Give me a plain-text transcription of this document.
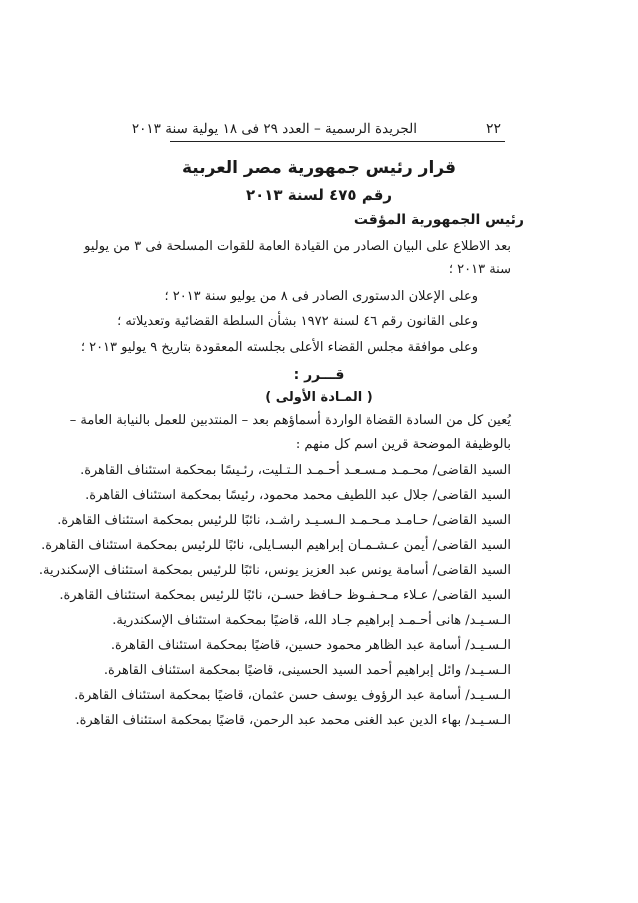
٢٢
الجريدة الرسمية – العدد ٢٩ فى ١٨ يولية سنة ٢٠١٣
قرار رئيس جمهورية مصر العربية
رقم ٤٧٥ لسنة ٢٠١٣
رئيس الجمهورية المؤقت
بعد الاطلاع على البيان الصادر من القيادة العامة للقوات المسلحة فى ٣ من يوليو
سنة ٢٠١٣ ؛
وعلى الإعلان الدستورى الصادر فى ٨ من يوليو سنة ٢٠١٣ ؛
وعلى القانون رقم ٤٦ لسنة ١٩٧٢ بشأن السلطة القضائية وتعديلاته ؛
وعلى موافقة مجلس القضاء الأعلى بجلسته المعقودة بتاريخ ٩ يوليو ٢٠١٣ ؛
قـــرر :
( المـادة الأولى )
يُعين كل من السادة القضاة الواردة أسماؤهم بعد – المنتدبين للعمل بالنيابة العامة –
بالوظيفة الموضحة قرين اسم كل منهم :
السيد القاضى/ محـمـد مـسـعـد أحـمـد الـتـليت، رئـيسًا بمحكمة استئناف القاهرة.
السيد القاضى/ جلال عبد اللطيف محمد محمود، رئيسًا بمحكمة استئناف القاهرة.
السيد القاضى/ حـامـد مـحـمـد الـسـيـد راشـد، نائبًا للرئيس بمحكمة استئناف القاهرة.
السيد القاضى/ أيمن عـشـمـان إبراهيم البسـايلى، نائبًا للرئيس بمحكمة استئناف القاهرة.
السيد القاضى/ أسامة يونس عبد العزيز يونس، نائبًا للرئيس بمحكمة استئناف الإسكندرية.
السيد القاضى/ عـلاء مـحـفـوظ حـافظ حسـن، نائبًا للرئيس بمحكمة استئناف القاهرة.
الـسـيـد/ هانى أحـمـد إبراهيم جـاد الله، قاضيًا بمحكمة استئناف الإسكندرية.
الـسـيـد/ أسامة عبد الظاهر محمود حسين، قاضيًا بمحكمة استئناف القاهرة.
الـسـيـد/ وائل إبراهيم أحمد السيد الحسينى، قاضيًا بمحكمة استئناف القاهرة.
الـسـيـد/ أسامة عبد الرؤوف يوسف حسن عثمان، قاضيًا بمحكمة استئناف القاهرة.
الـسـيـد/ بهاء الدين عبد الغنى محمد عبد الرحمن، قاضيًا بمحكمة استئناف القاهرة.
